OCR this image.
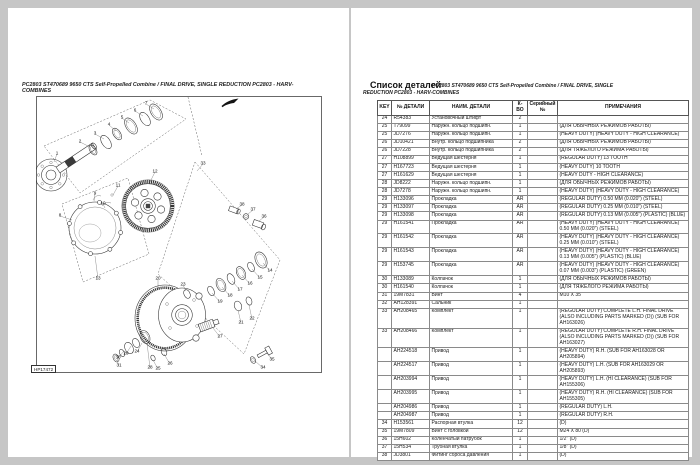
PC2803 ST470689 9650 CTS Self-Propelled Combine / FINAL DRIVE, SINGLE REDUCTION PC2803 - HARV-
COMBINES
1
2
3
4
5
6
7
8
9
10
11
12
13
33
38
37
36
14
15
16
17
18
19
20
23
21
22
27
24
25
26
28
29
30
31	34
35
HP17472
Список деталей
PC2803 ST470689 9650 CTS Self-Propelled Combine / FINAL DRIVE, SINGLE
REDUCTION PC2803 - HARV-COMBINES
KEY	№ ДЕТАЛИ	НАИМ. ДЕТАЛИ	К-ВО	Серийный №	ПРИМЕЧАНИЯ
24	R54383	Установочный штифт	2		
25	T79099	Наружн. кольцо подшипн.	1		(ДЛЯ ОБЫЧНЫХ РЕЖИМОВ РАБОТЫ)
25	JD7276	Наружн. кольцо подшипн.	1		(HEAVY DUTY) (HEAVY DUTY - HIGH CLEARANCE)
26	JD10421	Внутр. кольцо подшипника	2		(ДЛЯ ОБЫЧНЫХ РЕЖИМОВ РАБОТЫ)
26	JD7228	Внутр. кольцо подшипника	2		(ДЛЯ ТЯЖЕЛОГО РЕЖИМА РАБОТЫ)
27	H108899	Ведущая шестерня	1		(REGULAR DUTY) 13 TOOTH
27	H167723	Ведущая шестерня	1		(HEAVY DUTY) 10 TOOTH
27	H161629	Ведущая шестерня	1		(HEAVY DUTY - HIGH CLEARANCE)
28	JD8222	Наружн. кольцо подшипн.	1		(ДЛЯ ОБЫЧНЫХ РЕЖИМОВ РАБОТЫ)
28	JD7278	Наружн. кольцо подшипн.	1		(HEAVY DUTY) (HEAVY DUTY - HIGH CLEARANCE)
29	H133096	Прокладка	AR		(REGULAR DUTY) 0.50 MM (0.020") (STEEL)
29	H133097	Прокладка	AR		(REGULAR DUTY) 0.25 MM (0.010") (STEEL)
29	H133098	Прокладка	AR		(REGULAR DUTY) 0.13 MM (0.005") (PLASTIC) (BLUE)
29	H161541	Прокладка	AR		(HEAVY DUTY) (HEAVY DUTY - HIGH CLEARANCE) 0.50 MM (0.020") (STEEL)
29	H161542	Прокладка	AR		(HEAVY DUTY) (HEAVY DUTY - HIGH CLEARANCE) 0.25 MM (0.010") (STEEL)
29	H161543	Прокладка	AR		(HEAVY DUTY) (HEAVY DUTY - HIGH CLEARANCE) 0.13 MM (0.005") (PLASTIC) (BLUE)
29	H153745	Прокладка	AR		(HEAVY DUTY) (HEAVY DUTY - HIGH CLEARANCE) 0.07 MM (0.003") (PLASTIC) (GREEN)
30	H133089	Колпачок	1		(ДЛЯ ОБЫЧНЫХ РЕЖИМОВ РАБОТЫ)
30	H161540	Колпачок	1		(ДЛЯ ТЯЖЕЛОГО РЕЖИМА РАБОТЫ)
31	19M7831	Винт	4		M10 X 35
32	AH128391	Сальник	1		
33	AH208465	Комплект	1		(REGULAR DUTY) COMPLETE L.H. FINAL DRIVE (ALSO INCLUDING PARTS MARKED (D)) (SUB FOR AH163026)
33	AH208466	Комплект	1		(REGULAR DUTY) COMPLETE R.H. FINAL DRIVE (ALSO INCLUDING PARTS MARKED (D)) (SUB FOR AH163027)
	AH224518	Привод	1		(HEAVY DUTY) R.H. (SUB FOR AH163028 OR AH205894)
	AH224517	Привод	1		(HEAVY DUTY) L.H. (SUB FOR AH163029 OR AH205893)
	AH203994	Привод	1		(HEAVY DUTY) L.H. (HI CLEARANCE) (SUB FOR AH155306)
	AH203995	Привод	1		(HEAVY DUTY) R.H. (HI CLEARANCE) (SUB FOR AH155305)
	AH204986	Привод	1		(REGULAR DUTY) L.H.
	AH204987	Привод	1		(REGULAR DUTY) R.H.
34	H153561	Распорная втулка	12		(D)
35	19M7809	Винт с головкой	12		M24 X 80 (D)
36	15H602	Коленчатый патрубок	1		1/2" (D)
37	15H534	Трубная втулка	1		1/8" (D)
38	JD3801	Фитинг сброса давления	1		(D)
